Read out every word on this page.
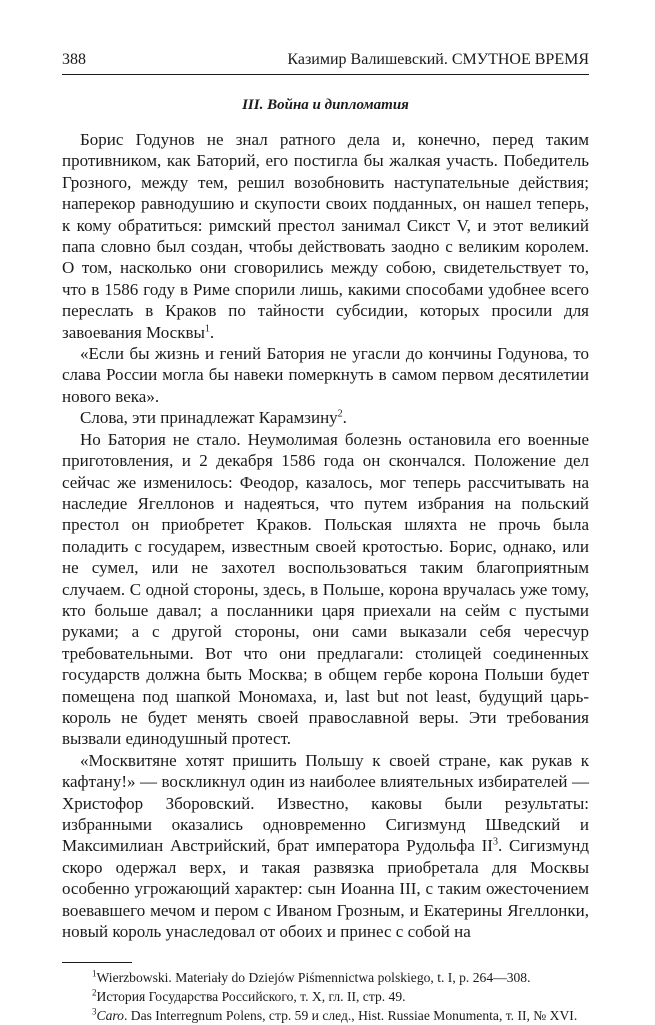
388	Казимир Валишевский. СМУТНОЕ ВРЕМЯ
III. Война и дипломатия

Борис Годунов не знал ратного дела и, конечно, перед таким противником, как Баторий, его постигла бы жалкая участь. Победитель Грозного, между тем, решил возобновить наступательные действия; наперекор равнодушию и скупости своих подданных, он нашел теперь, к кому обратиться: римский престол занимал Сикст V, и этот великий папа словно был создан, чтобы действовать заодно с великим королем. О том, насколько они сговорились между собою, свидетельствует то, что в 1586 году в Риме спорили лишь, какими способами удобнее всего переслать в Краков по тайности субсидии, которых просили для завоевания Москвы$^1$.

«Если бы жизнь и гений Батория не угасли до кончины Годунова, то слава России могла бы навеки померкнуть в самом первом десятилетии нового века».

Слова, эти принадлежат Карамзину$^2$.

Но Батория не стало. Неумолимая болезнь остановила его военные приготовления, и 2 декабря 1586 года он скончался. Положение дел сейчас же изменилось: Феодор, казалось, мог теперь рассчитывать на наследие Ягеллонов и надеяться, что путем избрания на польский престол он приобретет Краков. Польская шляхта не прочь была поладить с государем, известным своей кротостью. Борис, однако, или не сумел, или не захотел воспользоваться таким благоприятным случаем. С одной стороны, здесь, в Польше, корона вручалась уже тому, кто больше давал; а посланники царя приехали на сейм с пустыми руками; а с другой стороны, они сами выказали себя чересчур требовательными. Вот что они предлагали: столицей соединенных государств должна быть Москва; в общем гербе корона Польши будет помещена под шапкой Мономаха, и, last but not least, будущий царь-король не будет менять своей православной веры. Эти требования вызвали единодушный протест.

«Москвитяне хотят пришить Польшу к своей стране, как рукав к кафтану!» — воскликнул один из наиболее влиятельных избирателей — Христофор Зборовский. Известно, каковы были результаты: избранными оказались одновременно Сигизмунд Шведский и Максимилиан Австрийский, брат императора Рудольфа $II^3$. Сигизмунд скоро одержал верх, и такая развязка приобретала для Москвы особенно угрожающий характер: сын Иоанна III, с таким ожесточением воевавшего мечом и пером с Иваном Грозным, и Екатерины Ягеллонки, новый король унаследовал от обоих и принес с собой на

$^1$Wierzbowski. Materiały do Dziejów Piśmennictwa polskiego, t. I, p. 264—308.

$^2$История Государства Российского, т. X, гл. II, стр. 49.

$^3$Caro. Das Interregnum Polens, стр. 59 и след., Hist. Russiae Monumenta, т. II, № XVI.
